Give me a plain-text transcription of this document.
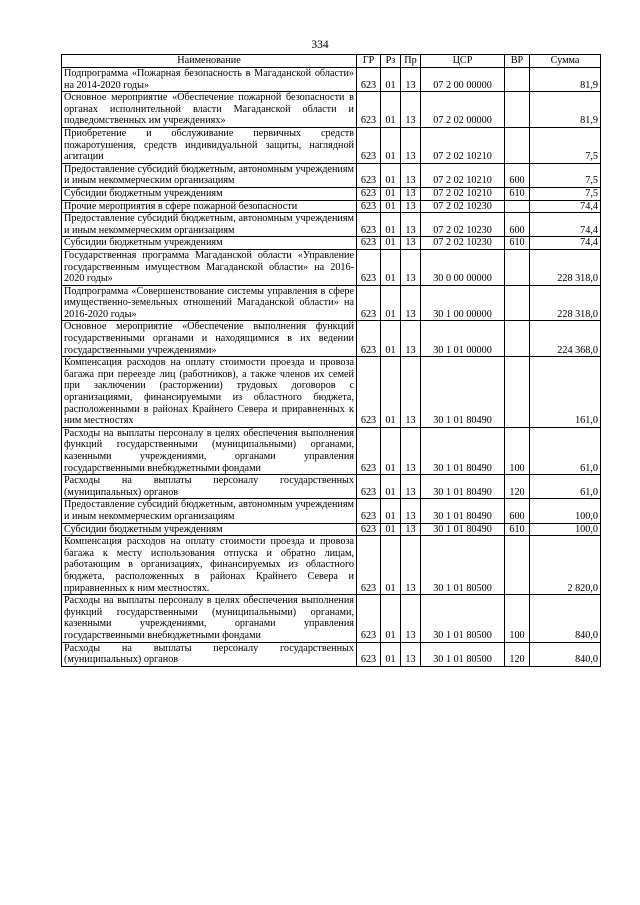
334
Наименование	ГР	Рз	Пр	ЦСР	ВР	Сумма
Подпрограмма «Пожарная безопасность в Магаданской области» на 2014-2020 годы»	623	01	13	07 2 00 00000		81,9
Основное мероприятие «Обеспечение пожарной безопасности в органах исполнительной власти Магаданской области и подведомственных им учреждениях»	623	01	13	07 2 02 00000		81,9
Приобретение и обслуживание первичных средств пожаротушения, средств индивидуальной защиты, наглядной агитации	623	01	13	07 2 02 10210		7,5
Предоставление субсидий бюджетным, автономным учреждениям и иным некоммерческим организациям	623	01	13	07 2 02 10210	600	7,5
Субсидии бюджетным учреждениям	623	01	13	07 2 02 10210	610	7,5
Прочие мероприятия в сфере пожарной безопасности	623	01	13	07 2 02 10230		74,4
Предоставление субсидий бюджетным, автономным учреждениям и иным некоммерческим организациям	623	01	13	07 2 02 10230	600	74,4
Субсидии бюджетным учреждениям	623	01	13	07 2 02 10230	610	74,4
Государственная программа Магаданской области «Управление государственным имуществом Магаданской области» на 2016-2020 годы»	623	01	13	30 0 00 00000		228 318,0
Подпрограмма «Совершенствование системы управления в сфере имущественно-земельных отношений Магаданской области» на 2016-2020 годы»	623	01	13	30 1 00 00000		228 318,0
Основное мероприятие «Обеспечение выполнения функций государственными органами и находящимися в их ведении государственными учреждениями»	623	01	13	30 1 01 00000		224 368,0
Компенсация расходов на оплату стоимости проезда и провоза багажа при переезде лиц (работников), а также членов их семей при заключении (расторжении) трудовых договоров с организациями, финансируемыми из областного бюджета, расположенными в районах Крайнего Севера и приравненных к ним местностях	623	01	13	30 1 01 80490		161,0
Расходы на выплаты персоналу в целях обеспечения выполнения функций государственными (муниципальными) органами, казенными учреждениями, органами управления государственными внебюджетными фондами	623	01	13	30 1 01 80490	100	61,0
Расходы на выплаты персоналу государственных (муниципальных) органов	623	01	13	30 1 01 80490	120	61,0
Предоставление субсидий бюджетным, автономным учреждениям и иным некоммерческим организациям	623	01	13	30 1 01 80490	600	100,0
Субсидии бюджетным учреждениям	623	01	13	30 1 01 80490	610	100,0
Компенсация расходов на оплату стоимости проезда и провоза багажа к месту использования отпуска и обратно лицам, работающим в организациях, финансируемых из областного бюджета, расположенных в районах Крайнего Севера и приравненных к ним местностях.	623	01	13	30 1 01 80500		2 820,0
Расходы на выплаты персоналу в целях обеспечения выполнения функций государственными (муниципальными) органами, казенными учреждениями, органами управления государственными внебюджетными фондами	623	01	13	30 1 01 80500	100	840,0
Расходы на выплаты персоналу государственных (муниципальных) органов	623	01	13	30 1 01 80500	120	840,0
